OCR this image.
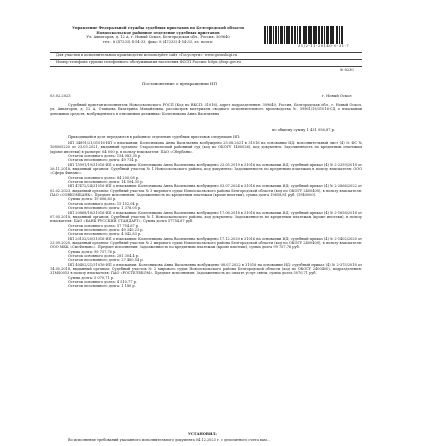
Управление Федеральной службы судебных приставов по Белгородской области
Новооскольское районное отделение судебных приставов
Ул. Авиаторов, д. 12 А, г. Новый Оскол, Белгородская обл., Россия, 309640
тел.: 8 (47233) 4-54-33, факс: 8 (47233) 4-54-33, эл. почта:
31/2-11-20140-0-31-7
Для участия в исполнительном производстве используйте сайт «Госуслуги»: www.gosuslugi.ru
Номер телефона группы телефонного обслуживания населения ФССП России: https://fssp.gov.ru
№ 8230
Постановление о прекращении ИП
03.02.2023	г. Новый Оскол
Судебный пристав-исполнитель Новооскольского РОСП (Код по ВКСП: 31016), адрет подразделения: 309640, Россия, Белгородская обл., г. Новый Оскол, ул. Авиаторов, д. 12 А, Ставцева Екатерина Михайловна, рассмотрев материалы сводного исполнительного производства № 39961/19/31016-СД о взыскании денежных средств, возбужденного в отношении должника: Колесникова Анна Васильевна
по общему сумму 1 431 056,87 р.
Приходящийся долг передаются в районное отделение судебных приставов следующие ИП:
ИП 34891/21/31016-ИП о взыскании: Колесникова Анна Васильевна возбуждено 25.08.2021 в 31016 на основании ИД: исполнительный лист (4) № ФС № 108005220 от 23.03.2021, выданный органом: Старооскольский районный суд (код по ОКОГУ 1400026), код документа: Задолженность по кредитным платежам (кроме ипотеки) в размере: 64 000 р. в пользу взыскателя: ПАО «Сбербанк».
Остаток основного долга: 154 083,35 р.
Остаток неосновного долга: 49 714 р.
ИП 15991/19/31016-ИП о взыскании: Колесникова Анна Васильевна возбуждено 23.05.2019 в 31016 на основании ИД: судебный приказ (4) № 2-2359/2018 от 26.11.2018, выданный органом: Судебный участок № 1 Новооскольского района, код документа: Задолженность по кредитным платежам в пользу взыскателя: ООО «Сфера Финанс».
Остаток основного долга: 84 200,08 р.
Остаток неосновного долга: 14 594,35 р.
ИП 47472/24/31016-ИП о взыскании: Колесникова Анна Васильевна возбуждено 03.07.2024 в 31016 на основании ИД: судебный приказ (4) № 2-2866/2022 от 02.02.2023, выданный органом: Судебный участок № 3 мирового судьи Новооскольского района Белгородской области (код по ОКОГУ 2400400), в пользу взыскателя: ПАО «СОВКОМБАНК». Предмет исполнения: Задолженность по кредитным платежам (кроме ипотеки), сумма долга 19658,81 руб. (1940000).
Сумма долга: 19 606,83 р.
Остаток основного долга: 15 152,04 р.
Остаток неосновного долга: 1 376,05 р.
ИП 20868/18/31016-ИП о взыскании: Колесникова Анна Васильевна возбуждено 17.08.2018 в 31016 на основании ИД: судебный приказ (4) № 2-1658/2018 от 07.05.2018, выданный органом: Судебный участок № 1 Новооскольского района, код документа: Задолженность по кредитным платежам (кроме ипотеки), в пользу взыскателя: ПАО «БАНК РУССКИЙ СТАНДАРТ». Сумма долга 57754,67 руб.
Остаток основного долга: 57 754,67 р.
Остаток неосновного долга: 49 349,23 р.
Остаток неосновного долга: 4 042,83 р.
ИП 20152/20/31016-ИП о взыскании: Колесникова Анна Васильевна возбуждено 17.12.2020 в 31016 на основании ИД: судебный приказ (4) № 2-1402/2020 от 23.09.2020, выданный органом: Судебный участок № 2 мирового судьи Новооскольского района Белгородской области (код по ОКОГУ 2400400), в пользу взыскателя: ООО МКК «СмсФинанс». Предмет исполнения: Задолженность по кредитным платежам (кроме ипотеки), сумма долга 99 757,76 руб.
Сумма долга: 99 757,76 р.
Остаток основного долга: 281 304,4 р.
Остаток неосновного долга: 27 460,54 р.
ИП 40402/21/31016-ИП о взыскании: Колесникова Анна Васильевна возбуждено 08.07.2022 в 31016 на основании ИД: судебный приказ (4) № 2-375/2018 от 14.05.2018, выданный органом: Судебный участок № 2 мирового судьи Новооскольского района Белгородской области (код по ОКОГУ 2400400), подразделения: 31MS0053 в пользу взыскателя: ПАО «РОСТЕЛЕКОМ». Предмет исполнения: Задолженность по оплате услуг связи, сумма долга 5070,71 руб.
Сумма долга: 5 070,71 р.
Остаток основного долга: 4 510,77 р.
Остаток неосновного долга: 1 180 р.
УСТАНОВИЛ:
Во исполнение требований указанного исполнительного документа 04.12.2023 г. с депозитного счета вам...
